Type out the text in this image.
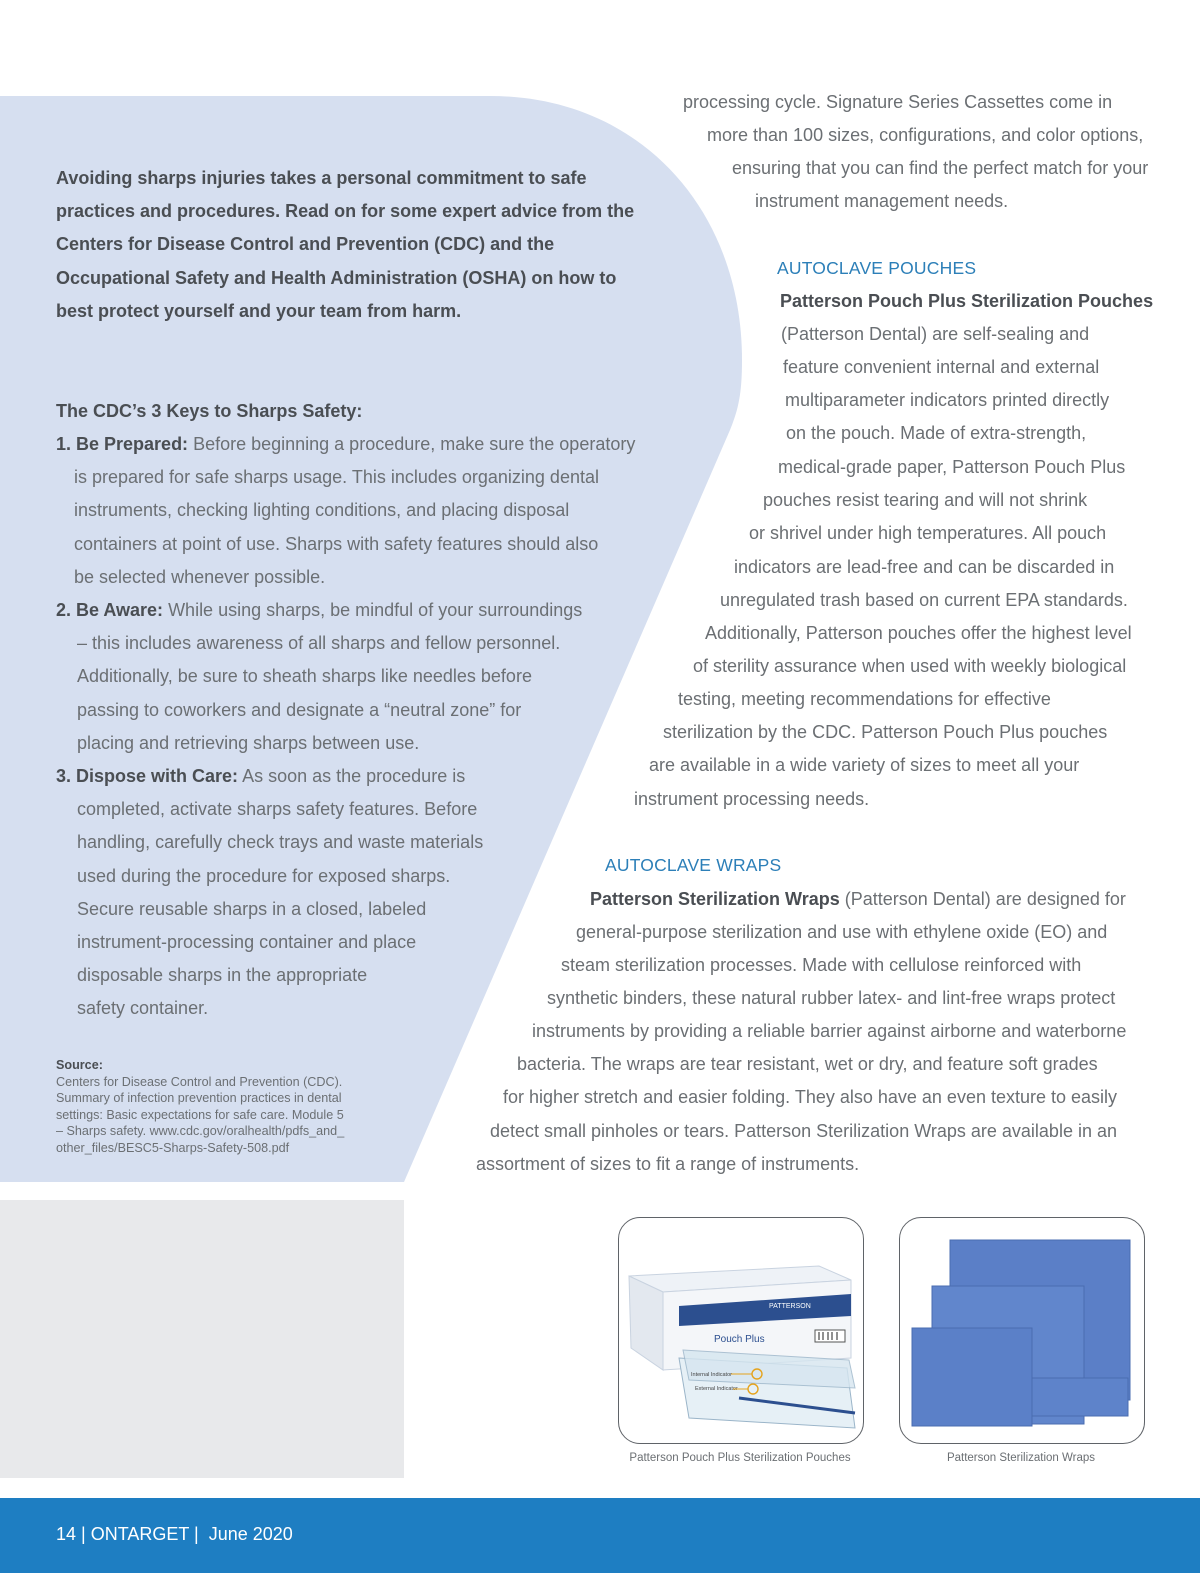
Avoiding sharps injuries takes a personal commitment to safe practices and procedures. Read on for some expert advice from the Centers for Disease Control and Prevention (CDC) and the Occupational Safety and Health Administration (OSHA) on how to best protect yourself and your team from harm.

The CDC’s 3 Keys to Sharps Safety:

1. Be Prepared: Before beginning a procedure, make sure the operatory
is prepared for safe sharps usage. This includes organizing dental
instruments, checking lighting conditions, and placing disposal
containers at point of use. Sharps with safety features should also
be selected whenever possible.
2. Be Aware: While using sharps, be mindful of your surroundings
– this includes awareness of all sharps and fellow personnel.
Additionally, be sure to sheath sharps like needles before
passing to coworkers and designate a “neutral zone” for
placing and retrieving sharps between use.
3. Dispose with Care: As soon as the procedure is
completed, activate sharps safety features. Before
handling, carefully check trays and waste materials
used during the procedure for exposed sharps.
Secure reusable sharps in a closed, labeled
instrument-processing container and place
disposable sharps in the appropriate
safety container.
Source:
Centers for Disease Control and Prevention (CDC).
Summary of infection prevention practices in dental
settings: Basic expectations for safe care. Module 5
– Sharps safety. www.cdc.gov/oralhealth/pdfs_and_
other_files/BESC5-Sharps-Safety-508.pdf
processing cycle. Signature Series Cassettes come in
more than 100 sizes, configurations, and color options,
ensuring that you can find the perfect match for your
instrument management needs.
AUTOCLAVE POUCHES
Patterson Pouch Plus Sterilization Pouches
(Patterson Dental) are self-sealing and
feature convenient internal and external
multiparameter indicators printed directly
on the pouch. Made of extra-strength,
medical-grade paper, Patterson Pouch Plus
pouches resist tearing and will not shrink
or shrivel under high temperatures. All pouch
indicators are lead-free and can be discarded in
unregulated trash based on current EPA standards.
Additionally, Patterson pouches offer the highest level
of sterility assurance when used with weekly biological
testing, meeting recommendations for effective
sterilization by the CDC. Patterson Pouch Plus pouches
are available in a wide variety of sizes to meet all your
instrument processing needs.
AUTOCLAVE WRAPS
Patterson Sterilization Wraps (Patterson Dental) are designed for
general-purpose sterilization and use with ethylene oxide (EO) and
steam sterilization processes. Made with cellulose reinforced with
synthetic binders, these natural rubber latex- and lint-free wraps protect
instruments by providing a reliable barrier against airborne and waterborne
bacteria. The wraps are tear resistant, wet or dry, and feature soft grades
for higher stretch and easier folding. They also have an even texture to easily
detect small pinholes or tears. Patterson Sterilization Wraps are available in an
assortment of sizes to fit a range of instruments.
PATTERSON
Pouch Plus
Internal Indicator
External Indicator
Patterson Pouch Plus Sterilization Pouches	Patterson Sterilization Wraps
14 | ONTARGET |  June 2020
